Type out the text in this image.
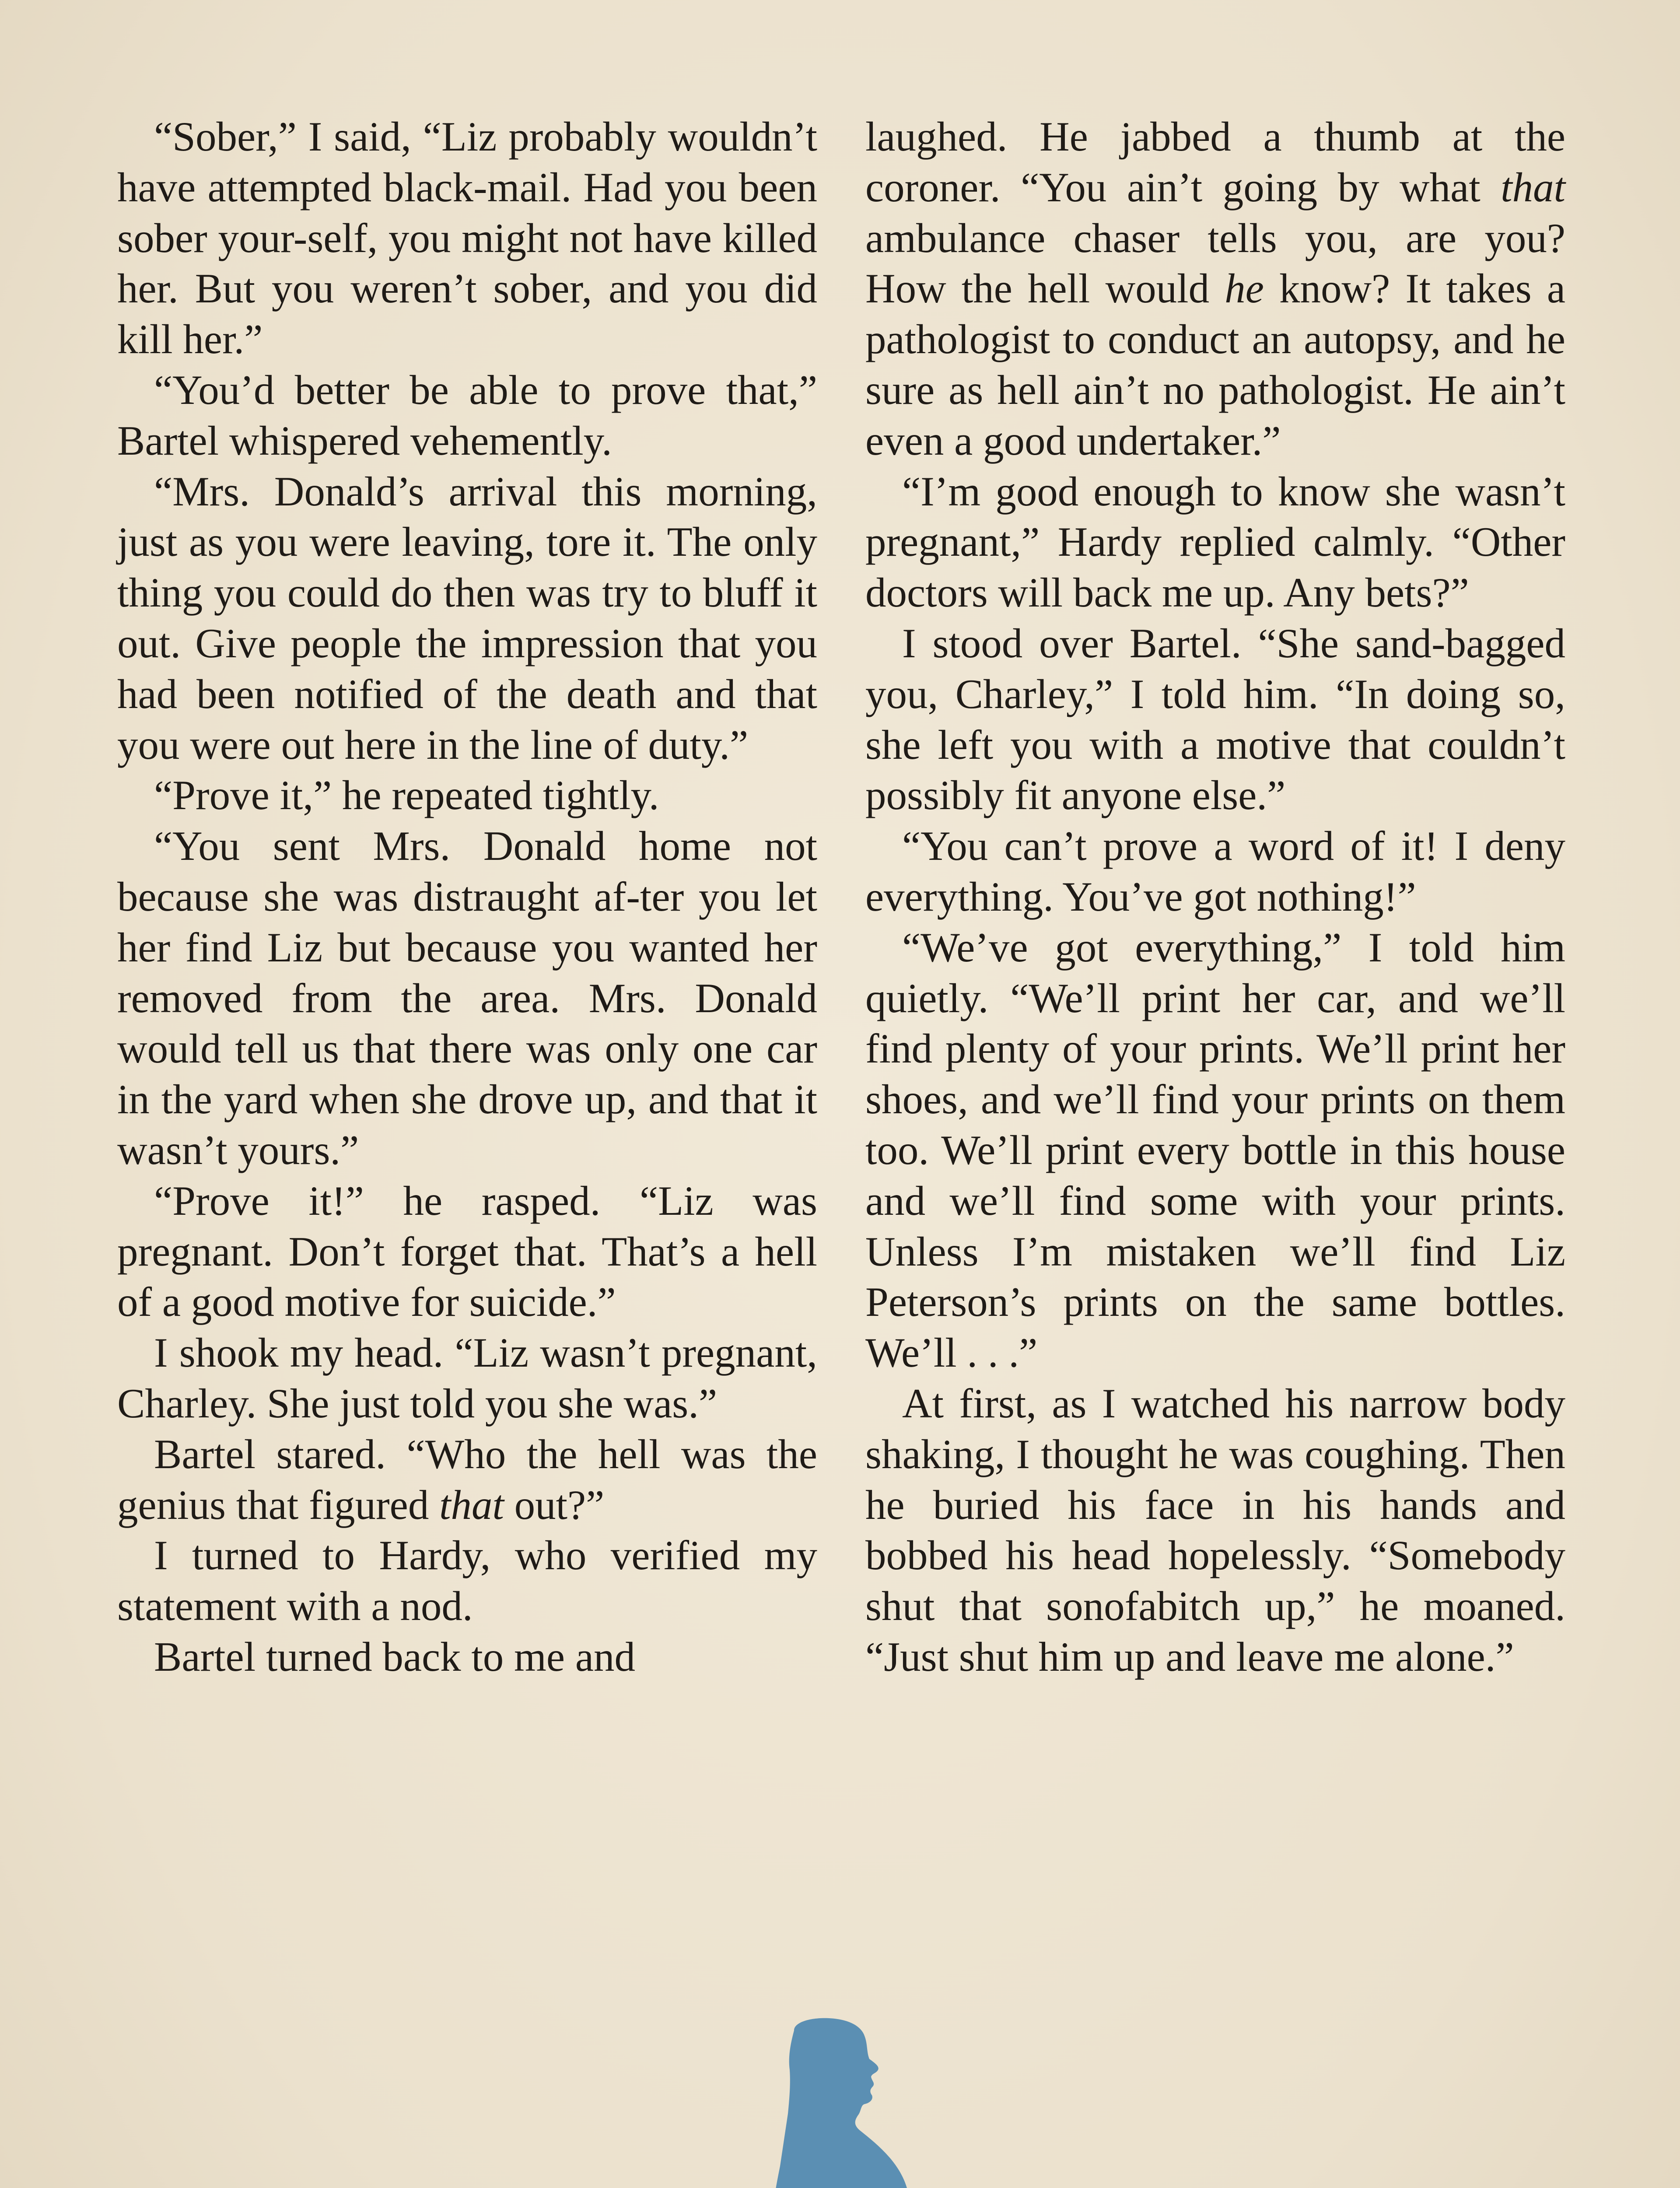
“Sober,” I said, “Liz probably wouldn’t have attempted black-mail. Had you been sober your-self, you might not have killed her. But you weren’t sober, and you did kill her.”

“You’d better be able to prove that,” Bartel whispered vehemently.

“Mrs. Donald’s arrival this morning, just as you were leaving, tore it. The only thing you could do then was try to bluff it out. Give people the impression that you had been notified of the death and that you were out here in the line of duty.”

“Prove it,” he repeated tightly.

“You sent Mrs. Donald home not because she was distraught af-ter you let her find Liz but because you wanted her removed from the area. Mrs. Donald would tell us that there was only one car in the yard when she drove up, and that it wasn’t yours.”

“Prove it!” he rasped. “Liz was pregnant. Don’t forget that. That’s a hell of a good motive for suicide.”

I shook my head. “Liz wasn’t pregnant, Charley. She just told you she was.”

Bartel stared. “Who the hell was the genius that figured that out?”

I turned to Hardy, who verified my statement with a nod.

Bartel turned back to me and

laughed. He jabbed a thumb at the coroner. “You ain’t going by what that ambulance chaser tells you, are you? How the hell would he know? It takes a pathologist to conduct an autopsy, and he sure as hell ain’t no pathologist. He ain’t even a good undertaker.”

“I’m good enough to know she wasn’t pregnant,” Hardy replied calmly. “Other doctors will back me up. Any bets?”

I stood over Bartel. “She sand-bagged you, Charley,” I told him. “In doing so, she left you with a motive that couldn’t possibly fit anyone else.”

“You can’t prove a word of it! I deny everything. You’ve got nothing!”

“We’ve got everything,” I told him quietly. “We’ll print her car, and we’ll find plenty of your prints. We’ll print her shoes, and we’ll find your prints on them too. We’ll print every bottle in this house and we’ll find some with your prints. Unless I’m mistaken we’ll find Liz Peterson’s prints on the same bottles. We’ll . . .”

At first, as I watched his narrow body shaking, I thought he was coughing. Then he buried his face in his hands and bobbed his head hopelessly. “Somebody shut that sonofabitch up,” he moaned. “Just shut him up and leave me alone.”
